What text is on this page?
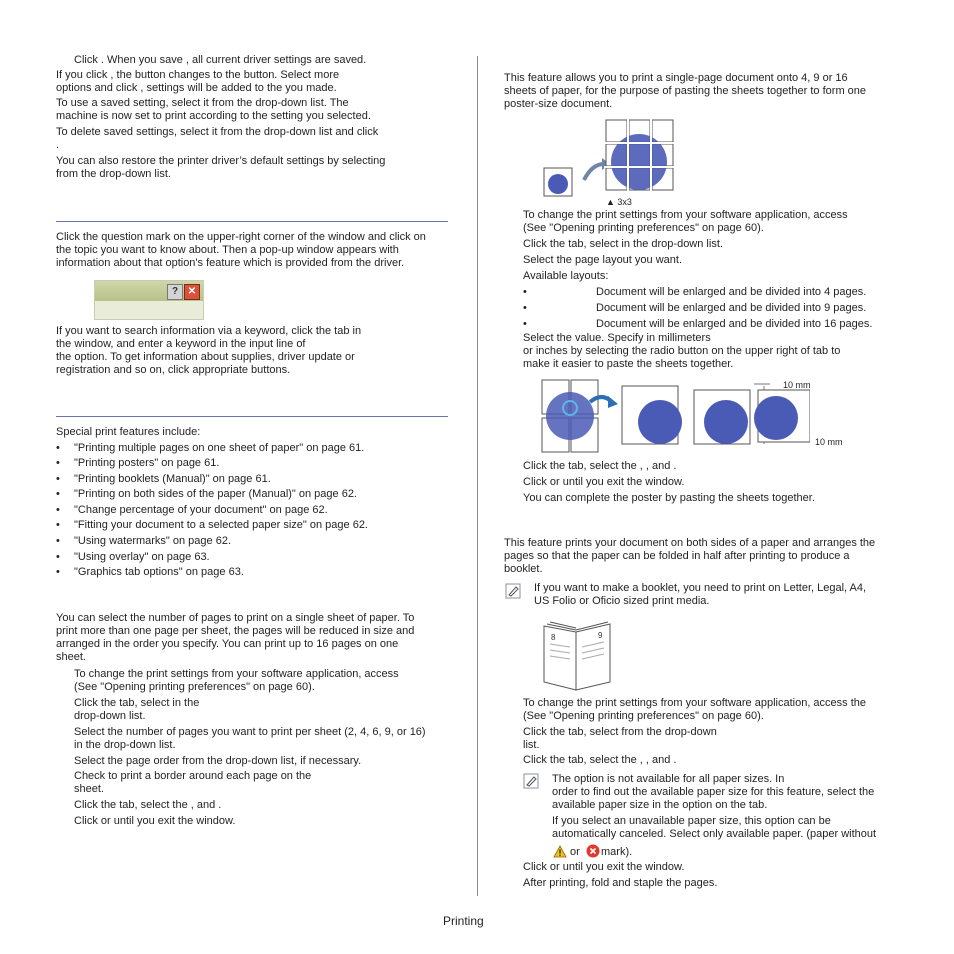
Click . When you save , all current driver settings are saved.
If you click , the button changes to the button. Select more
options and click , settings will be added to the you made.
To use a saved setting, select it from the drop-down list. The
machine is now set to print according to the setting you selected.
To delete saved settings, select it from the drop-down list and click
.
You can also restore the printer driver’s default settings by selecting
from the drop-down list.
Click the question mark on the upper-right corner of the window and click on
the topic you want to know about. Then a pop-up window appears with
information about that option's feature which is provided from the driver.
? ✕
If you want to search information via a keyword, click the tab in
the window, and enter a keyword in the input line of
the option. To get information about supplies, driver update or
registration and so on, click appropriate buttons.
Special print features include:
• "Printing multiple pages on one sheet of paper" on page 61.
• "Printing posters" on page 61.
• "Printing booklets (Manual)" on page 61.
• "Printing on both sides of the paper (Manual)" on page 62.
• "Change percentage of your document" on page 62.
• "Fitting your document to a selected paper size" on page 62.
• "Using watermarks" on page 62.
• "Using overlay" on page 63.
• "Graphics tab options" on page 63.
You can select the number of pages to print on a single sheet of paper. To
print more than one page per sheet, the pages will be reduced in size and
arranged in the order you specify. You can print up to 16 pages on one
sheet.
To change the print settings from your software application, access
(See "Opening printing preferences" on page 60).
Click the tab, select in the
drop-down list.
Select the number of pages you want to print per sheet (2, 4, 6, 9, or 16)
in the drop-down list.
Select the page order from the drop-down list, if necessary.
Check to print a border around each page on the
sheet.
Click the tab, select the , and .
Click or until you exit the window.
This feature allows you to print a single-page document onto 4, 9 or 16
sheets of paper, for the purpose of pasting the sheets together to form one
poster-size document.
▲ 3x3
To change the print settings from your software application, access
(See "Opening printing preferences" on page 60).
Click the tab, select in the drop-down list.
Select the page layout you want.
Available layouts:
•	Document will be enlarged and be divided into 4 pages.
•	Document will be enlarged and be divided into 9 pages.
•	Document will be enlarged and be divided into 16 pages.
Select the value. Specify in millimeters
or inches by selecting the radio button on the upper right of tab to
make it easier to paste the sheets together.
10 mm
10 mm
Click the tab, select the , , and .
Click or until you exit the window.
You can complete the poster by pasting the sheets together.
This feature prints your document on both sides of a paper and arranges the
pages so that the paper can be folded in half after printing to produce a
booklet.
If you want to make a booklet, you need to print on Letter, Legal, A4,
US Folio or Oficio sized print media.
8	9
To change the print settings from your software application, access the
(See "Opening printing preferences" on page 60).
Click the tab, select from the drop-down
list.
Click the tab, select the , , and .
The option is not available for all paper sizes. In
order to find out the available paper size for this feature, select the
available paper size in the option on the tab.
If you select an unavailable paper size, this option can be
automatically canceled. Select only available paper. (paper without
or mark).
Click or until you exit the window.
After printing, fold and staple the pages.
Printing
